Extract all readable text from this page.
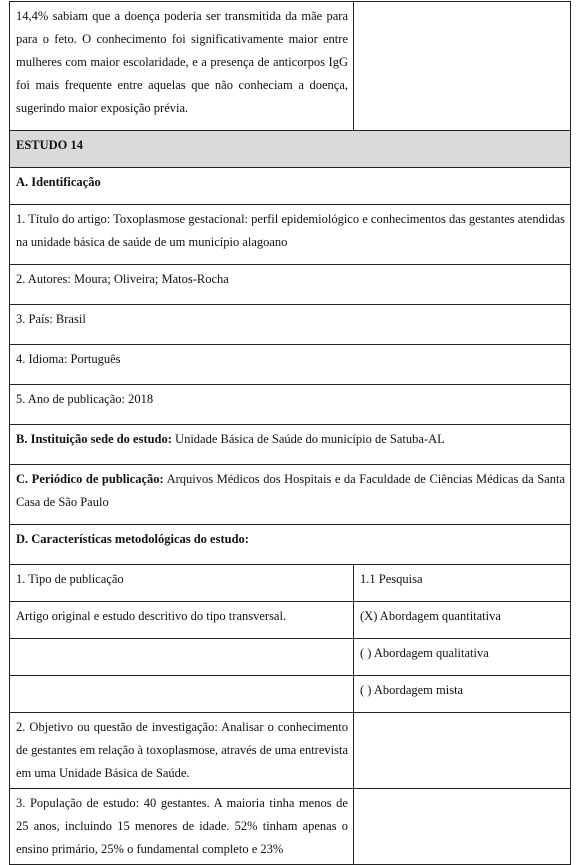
14,4% sabiam que a doença poderia ser transmitida da mãe para para o feto. O conhecimento foi significativamente maior entre mulheres com maior escolaridade, e a presença de anticorpos IgG foi mais frequente entre aquelas que não conheciam a doença, sugerindo maior exposição prévia.	
ESTUDO 14	
A. Identificação	
1. Título do artigo: Toxoplasmose gestacional: perfil epidemiológico e conhecimentos das gestantes atendidas na unidade básica de saúde de um município alagoano	
2. Autores: Moura; Oliveira; Matos-Rocha	
3. País: Brasil	
4. Idioma: Português	
5. Ano de publicação: 2018	
B. Instituição sede do estudo: Unidade Básica de Saúde do município de Satuba-AL	
C. Periódico de publicação: Arquivos Médicos dos Hospitais e da Faculdade de Ciências Médicas da Santa Casa de São Paulo	
D. Características metodológicas do estudo:	
1. Tipo de publicação	1.1 Pesquisa
Artigo original e estudo descritivo do tipo transversal.	(X) Abordagem quantitativa
	( ) Abordagem qualitativa
	( ) Abordagem mista
2. Objetivo ou questão de investigação: Analisar o conhecimento de gestantes em relação à toxoplasmose, através de uma entrevista em uma Unidade Básica de Saúde.	
3. População de estudo: 40 gestantes. A maioria tinha menos de 25 anos, incluindo 15 menores de idade. 52% tinham apenas o ensino primário, 25% o fundamental completo e 23%	
